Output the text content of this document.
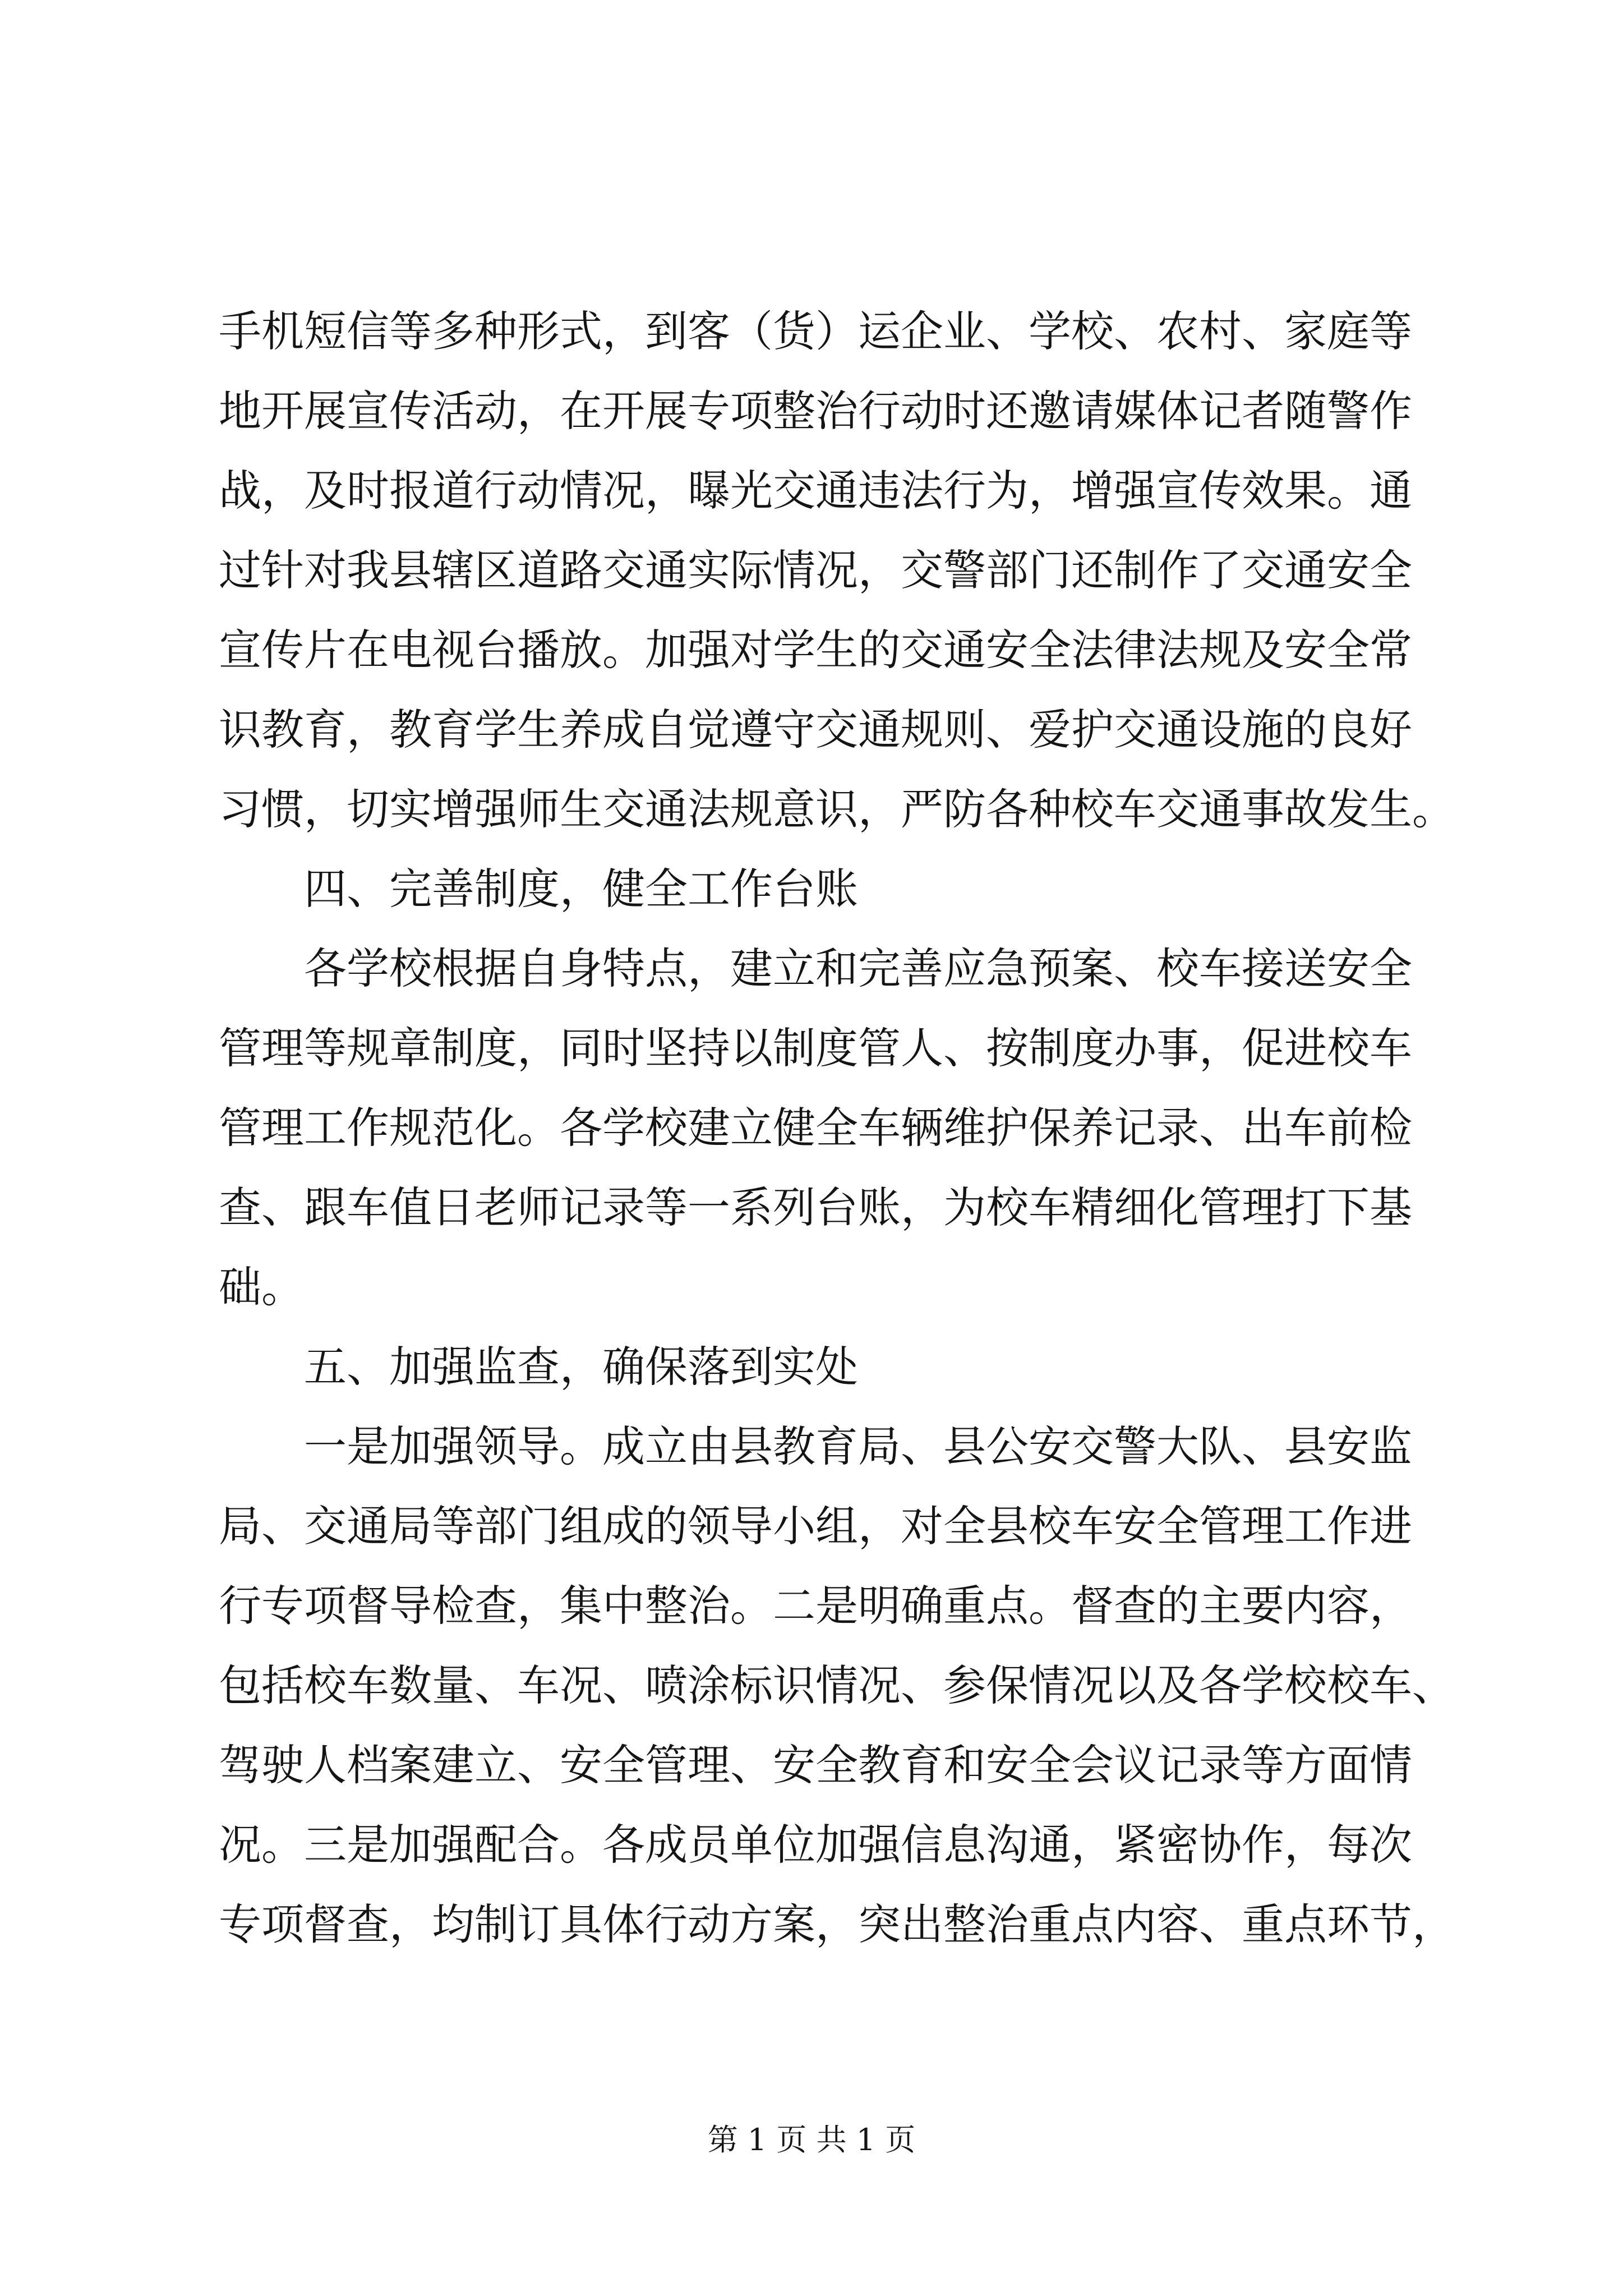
手机短信等多种形式，到客（货）运企业、学校、农村、家庭等
地开展宣传活动，在开展专项整治行动时还邀请媒体记者随警作
战，及时报道行动情况，曝光交通违法行为，增强宣传效果。通
过针对我县辖区道路交通实际情况，交警部门还制作了交通安全
宣传片在电视台播放。加强对学生的交通安全法律法规及安全常
识教育，教育学生养成自觉遵守交通规则、爱护交通设施的良好
习惯，切实增强师生交通法规意识，严防各种校车交通事故发生。
四、完善制度，健全工作台账
各学校根据自身特点，建立和完善应急预案、校车接送安全
管理等规章制度，同时坚持以制度管人、按制度办事，促进校车
管理工作规范化。各学校建立健全车辆维护保养记录、出车前检
查、跟车值日老师记录等一系列台账，为校车精细化管理打下基
础。
五、加强监查，确保落到实处
一是加强领导。成立由县教育局、县公安交警大队、县安监
局、交通局等部门组成的领导小组，对全县校车安全管理工作进
行专项督导检查，集中整治。二是明确重点。督查的主要内容，
包括校车数量、车况、喷涂标识情况、参保情况以及各学校校车、
驾驶人档案建立、安全管理、安全教育和安全会议记录等方面情
况。三是加强配合。各成员单位加强信息沟通，紧密协作，每次
专项督查，均制订具体行动方案，突出整治重点内容、重点环节，
第 1 页 共 1 页
